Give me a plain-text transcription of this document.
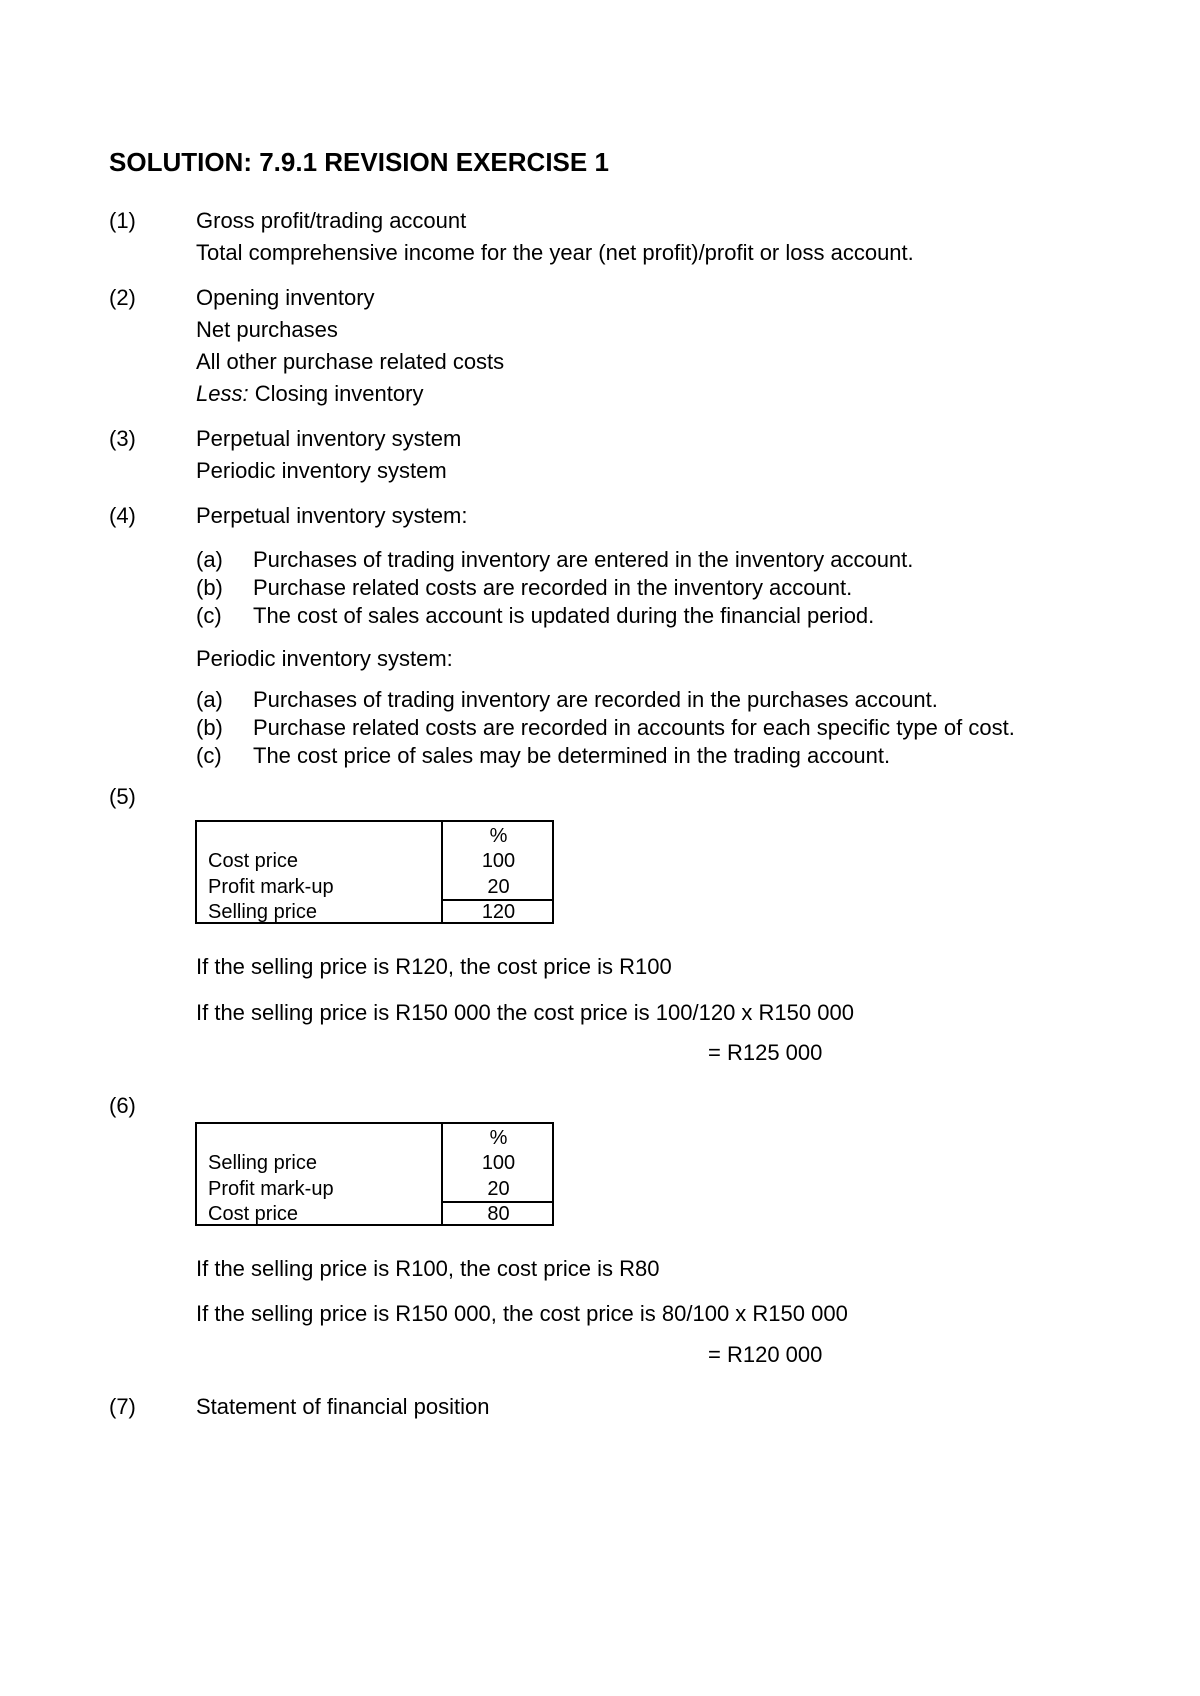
SOLUTION: 7.9.1 REVISION EXERCISE 1
(1)	Gross profit/trading account
Total comprehensive income for the year (net profit)/profit or loss account.
(2)	Opening inventory
Net purchases
All other purchase related costs
Less: Closing inventory
(3)	Perpetual inventory system
Periodic inventory system
(4)	Perpetual inventory system:
(a) Purchases of trading inventory are entered in the inventory account.
(b) Purchase related costs are recorded in the inventory account.
(c) The cost of sales account is updated during the financial period.
Periodic inventory system:
(a) Purchases of trading inventory are recorded in the purchases account.
(b) Purchase related costs are recorded in accounts for each specific type of cost.
(c) The cost price of sales may be determined in the trading account.
(5)
%
Cost price	100
Profit mark-up	20
Selling price	120
If the selling price is R120, the cost price is R100
If the selling price is R150 000 the cost price is 100/120 x R150 000
= R125 000
(6)
%
Selling price	100
Profit mark-up	20
Cost price	80
If the selling price is R100, the cost price is R80
If the selling price is R150 000, the cost price is 80/100 x R150 000
= R120 000
(7)	Statement of financial position
